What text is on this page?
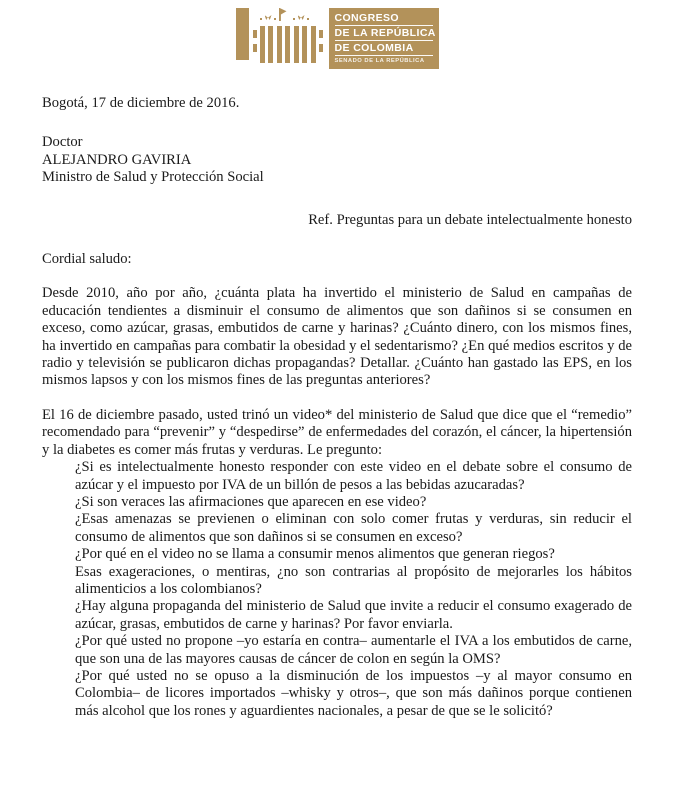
CONGRESO
DE LA REPÚBLICA
DE COLOMBIA
SENADO DE LA REPÚBLICA
Bogotá, 17 de diciembre de 2016.
Doctor
ALEJANDRO GAVIRIA
Ministro de Salud y Protección Social
Ref. Preguntas para un debate intelectualmente honesto
Cordial saludo:

Desde 2010, año por año, ¿cuánta plata ha invertido el ministerio de Salud en campañas de educación tendientes a disminuir el consumo de alimentos que son dañinos si se consumen en exceso, como azúcar, grasas, embutidos de carne y harinas? ¿Cuánto dinero, con los mismos fines, ha invertido en campañas para combatir la obesidad y el sedentarismo? ¿En qué medios escritos y de radio y televisión se publicaron dichas propagandas? Detallar. ¿Cuánto han gastado las EPS, en los mismos lapsos y con los mismos fines de las preguntas anteriores?

El 16 de diciembre pasado, usted trinó un video* del ministerio de Salud que dice que el “remedio” recomendado para “prevenir” y “despedirse” de enfermedades del corazón, el cáncer, la hipertensión y la diabetes es comer más frutas y verduras. Le pregunto:

¿Si es intelectualmente honesto responder con este video en el debate sobre el consumo de azúcar y el impuesto por IVA de un billón de pesos a las bebidas azucaradas?
¿Si son veraces las afirmaciones que aparecen en ese video?
¿Esas amenazas se previenen o eliminan con solo comer frutas y verduras, sin reducir el consumo de alimentos que son dañinos si se consumen en exceso?
¿Por qué en el video no se llama a consumir menos alimentos que generan riegos?
Esas exageraciones, o mentiras, ¿no son contrarias al propósito de mejorarles los hábitos alimenticios a los colombianos?
¿Hay alguna propaganda del ministerio de Salud que invite a reducir el consumo exagerado de azúcar, grasas, embutidos de carne y harinas? Por favor enviarla.
¿Por qué usted no propone –yo estaría en contra– aumentarle el IVA a los embutidos de carne, que son una de las mayores causas de cáncer de colon en según la OMS?
¿Por qué usted no se opuso a la disminución de los impuestos –y al mayor consumo en Colombia– de licores importados –whisky y otros–, que son más dañinos porque contienen más alcohol que los rones y aguardientes nacionales, a pesar de que se le solicitó?
